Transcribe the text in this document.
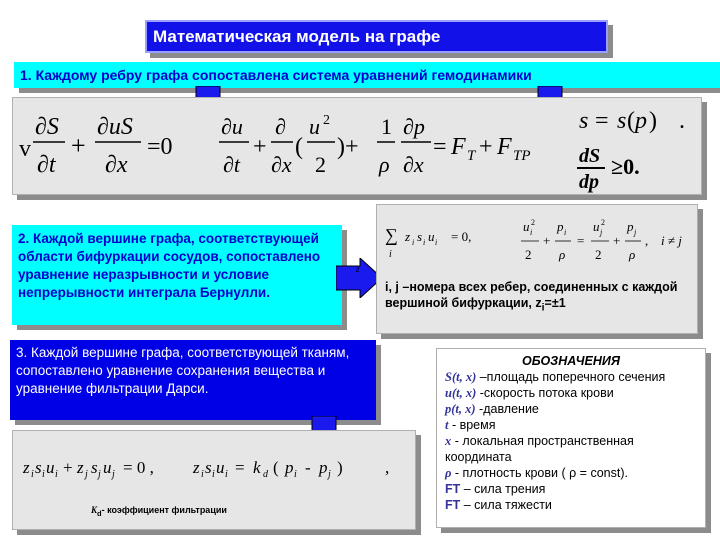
Математическая модель на графе
1. Каждому ребру графа сопоставлена система уравнений гемодинамики
v
∂S
∂t
+
∂uS
∂x
=0
∂u
∂t
+
∂
∂x
(
u 2
2
)+
1
ρ
∂p
∂x
= F T + F TP
s = s ( p ) .
dS
dp
≥0.
2. Каждой вершине графа, соответствующей области бифуркации сосудов, сопоставлено уравнение неразрывности и условие непрерывности интеграла Бернулли.
z
∑
i
z i s i u i = 0,
u 2
i
2
+
p i
ρ
=
u 2
j
2
+
p j
ρ
, i ≠ j
i, j –номера всех ребер, соединенных с каждой вершиной бифуркации, $z_i=\pm 1$
3. Каждой вершине графа, соответствующей тканям, сопоставлено уравнение сохранения вещества и уравнение фильтрации Дарси.
z i s i u i + z j s j u j = 0 , z i s i u i = k d ( p i - p j ) ,
$K_d-$ коэффициент фильтрации
ОБОЗНАЧЕНИЯ
S(t, x) –площадь поперечного сечения
u(t, x) -скорость потока крови
p(t, x) -давление
t - время
x - локальная пространственная координата
ρ - плотность крови ( ρ = const).
FT – сила трения
FT – сила тяжести
